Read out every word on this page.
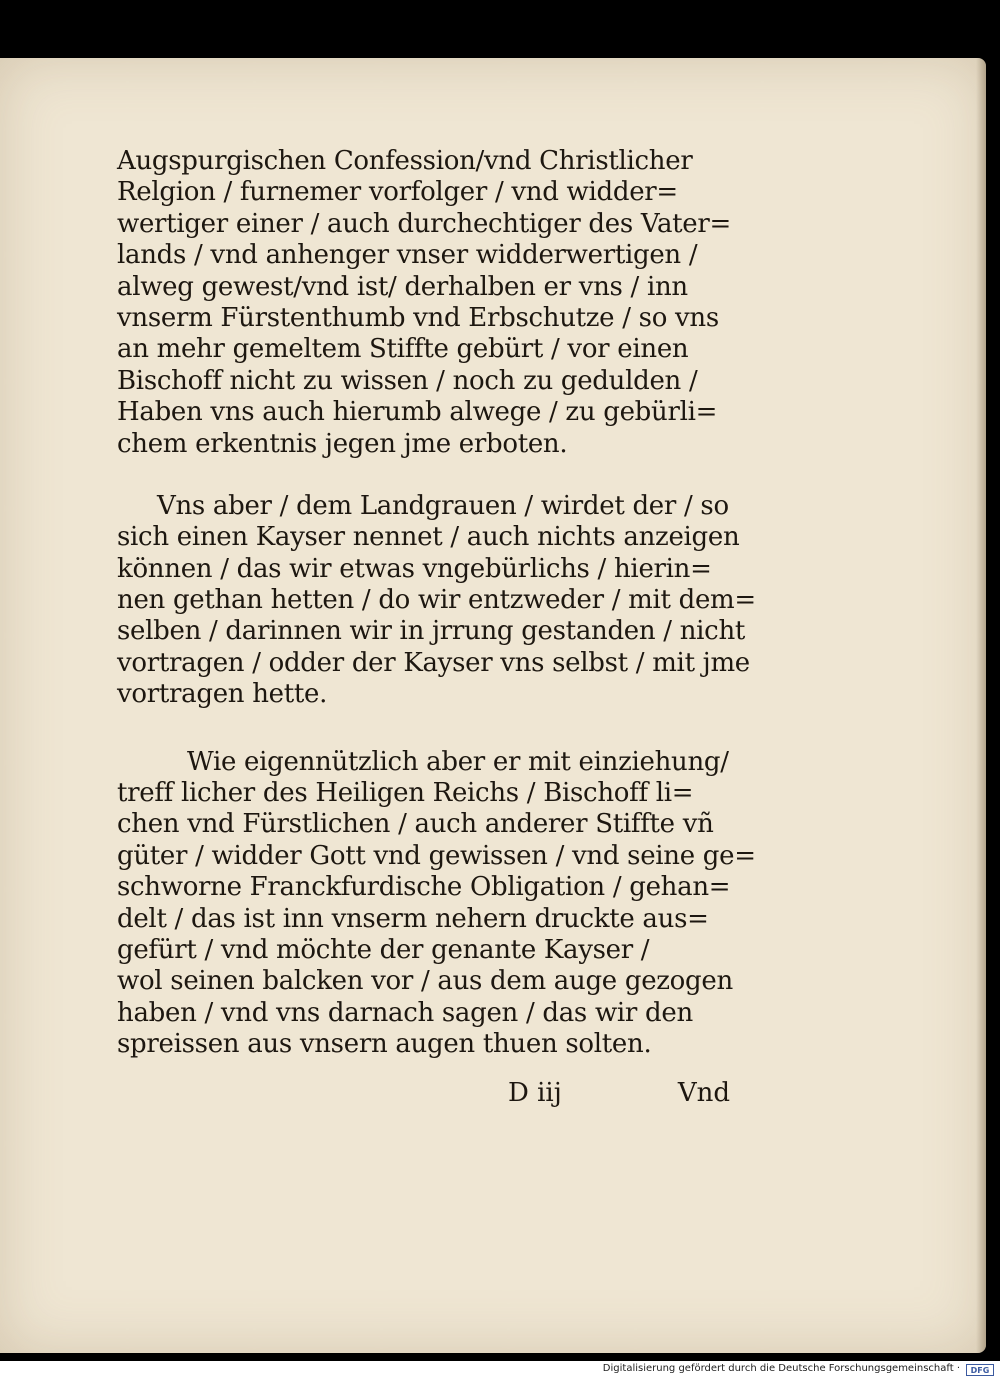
Augspurgischen Confession/vnd Christlicher
Relgion / furnemer vorfolger / vnd widder=
wertiger einer / auch durchechtiger des Vater=
lands / vnd anhenger vnser widderwertigen /
alweg gewest/vnd ist/ derhalben er vns / inn
vnserm Fürstenthumb vnd Erbschutze / so vns
an mehr gemeltem Stiffte gebürt / vor einen
Bischoff nicht zu wissen / noch zu gedulden /
Haben vns auch hierumb alwege / zu gebürli=
chem erkentnis jegen jme erboten.
Vns aber / dem Landgrauen / wirdet der / so
sich einen Kayser nennet / auch nichts anzeigen
können / das wir etwas vngebürlichs / hierin=
nen gethan hetten / do wir entzweder / mit dem=
selben / darinnen wir in jrrung gestanden / nicht
vortragen / odder der Kayser vns selbst / mit jme
vortragen hette.
Wie eigennützlich aber er mit einziehung/
treff licher des Heiligen Reichs / Bischoff li=
chen vnd Fürstlichen / auch anderer Stiffte vñ
güter / widder Gott vnd gewissen / vnd seine ge=
schworne Franckfurdische Obligation / gehan=
delt / das ist inn vnserm nehern druckte aus=
gefürt / vnd möchte der genante Kayser /
wol seinen balcken vor / aus dem auge gezogen
haben / vnd vns darnach sagen / das wir den
spreissen aus vnsern augen thuen solten.
D iij	Vnd
Digitalisierung gefördert durch die Deutsche Forschungsgemeinschaft ·	DFG
